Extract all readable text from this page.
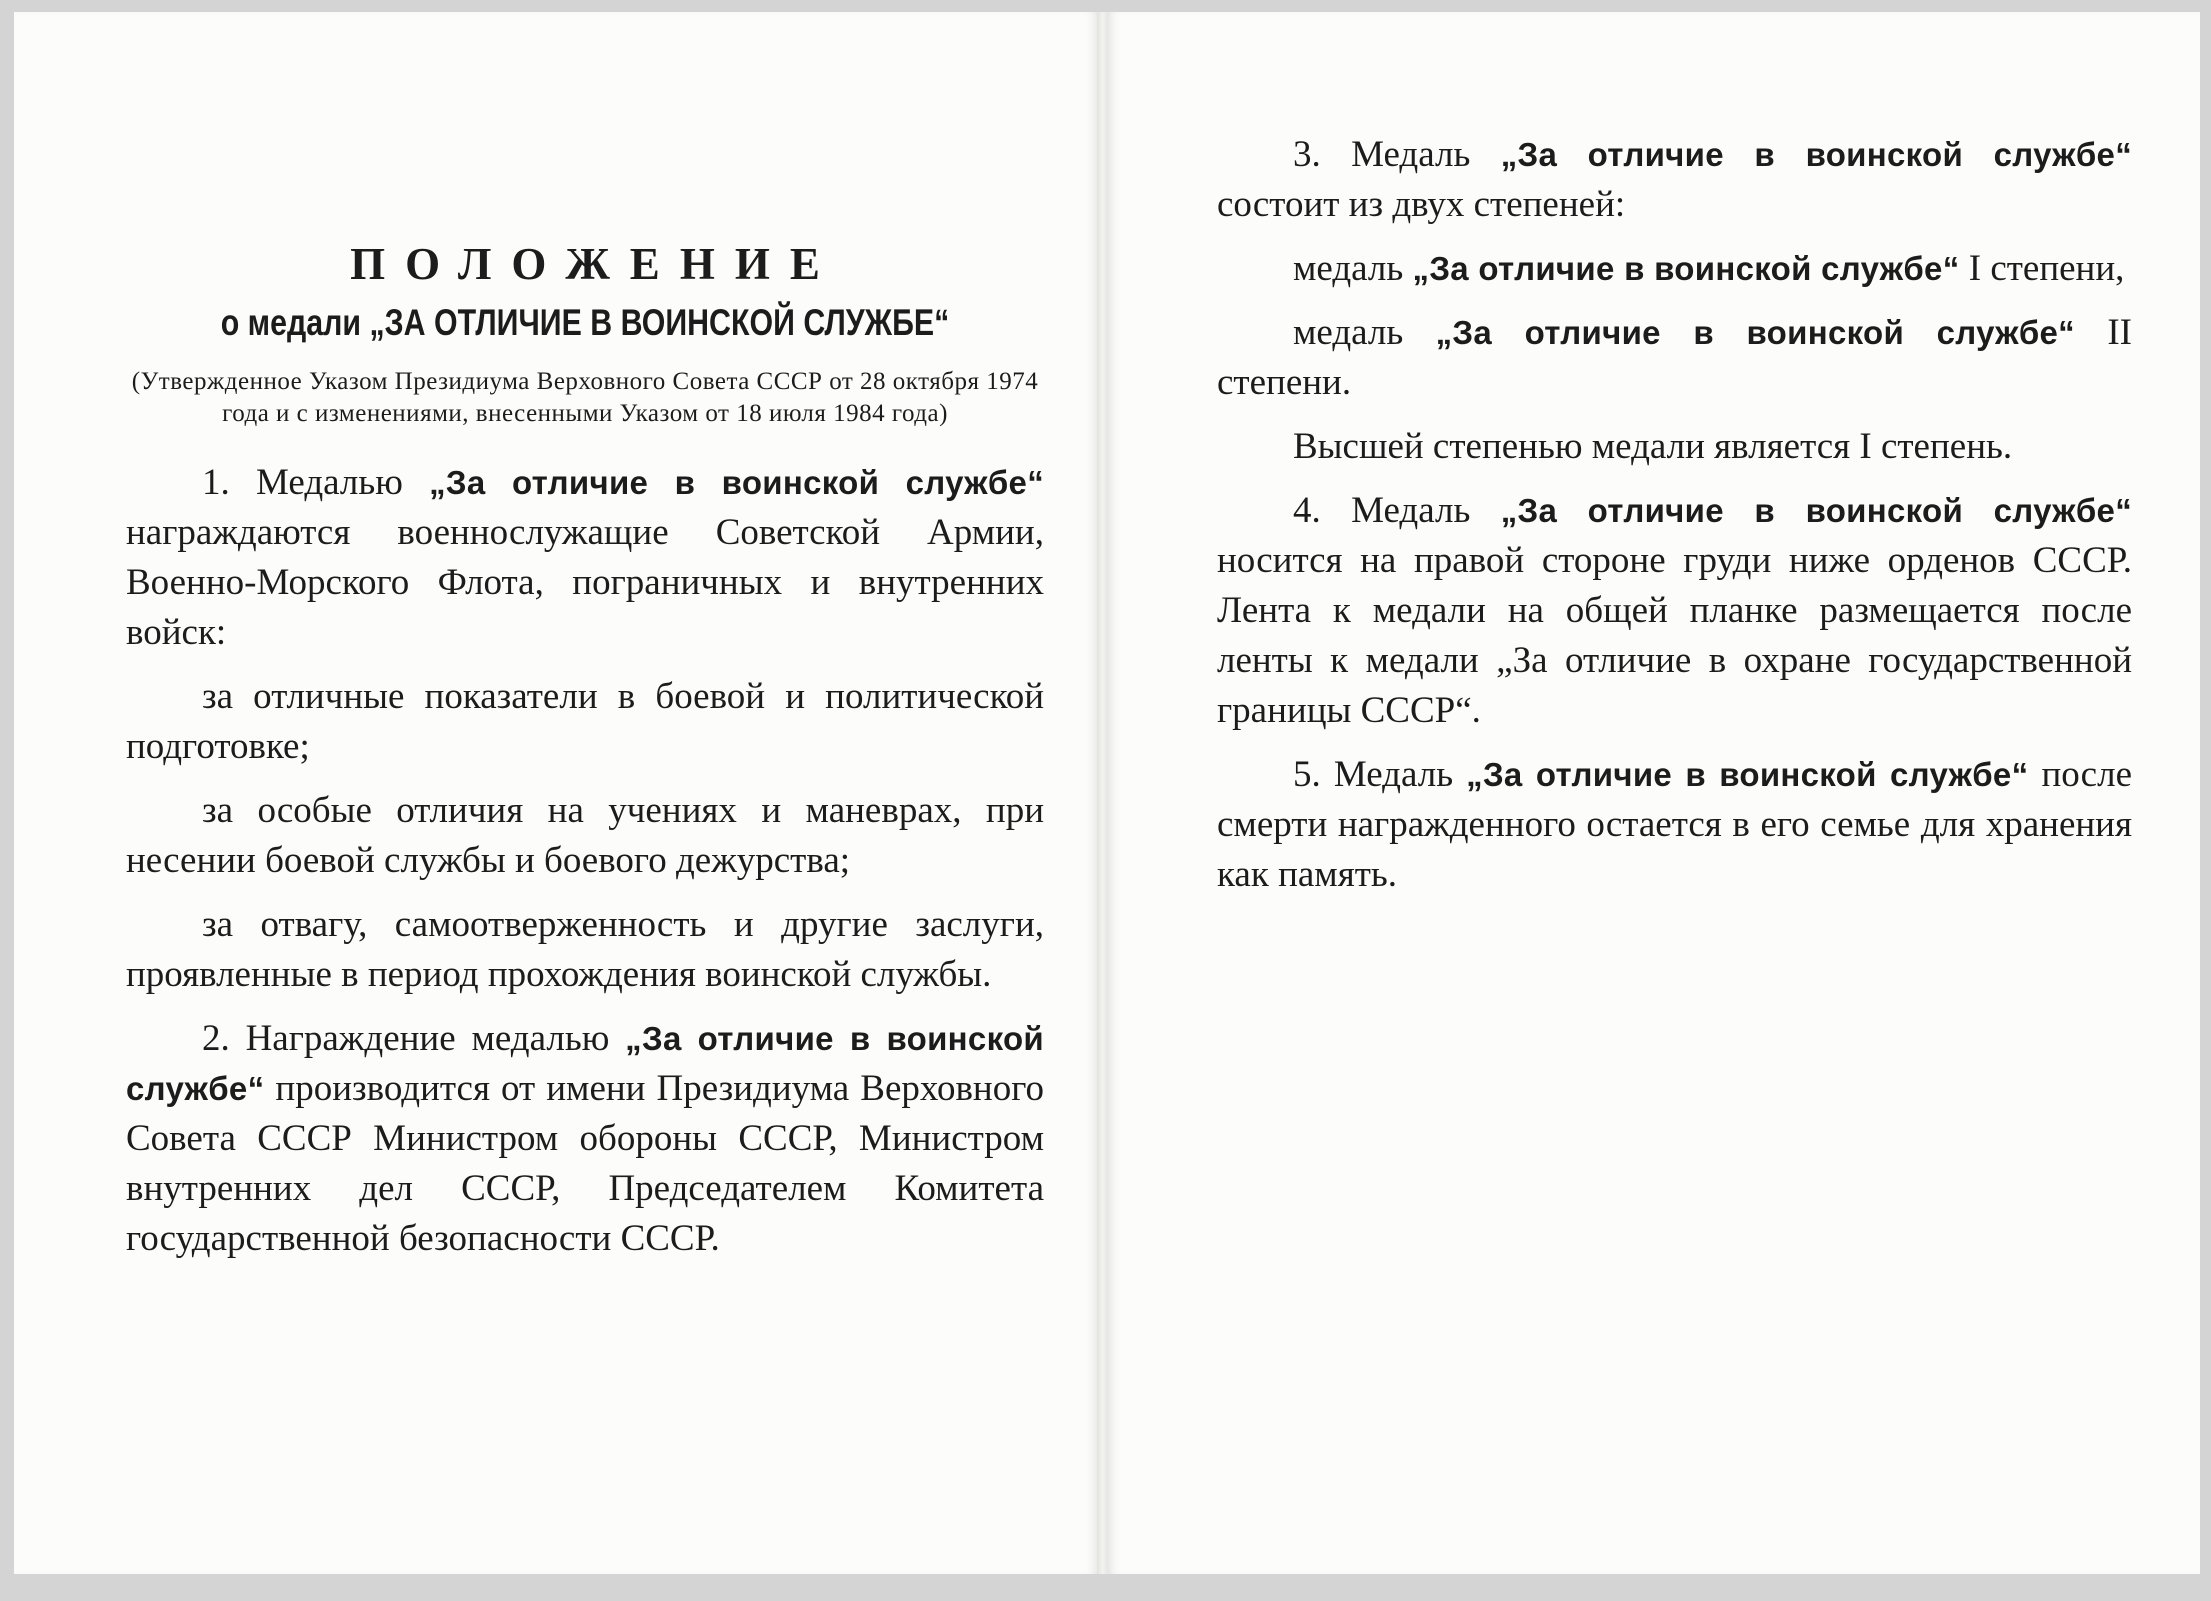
ПОЛОЖЕНИЕ
о медали „ЗА ОТЛИЧИЕ В ВОИНСКОЙ СЛУЖБЕ“
(Утвержденное Указом Президиума Верховного Совета СССР от 28 октября 1974 года и с изменениями, внесенными Указом от 18 июля 1984 года)

1. Медалью „За отличие в воинской службе“ награждаются военнослужащие Советской Армии, Военно-Морского Флота, пограничных и внутренних войск:

за отличные показатели в боевой и политической подготовке;

за особые отличия на учениях и маневрах, при несении боевой службы и боевого дежурства;

за отвагу, самоотверженность и другие заслуги, проявленные в период прохождения воинской службы.

2. Награждение медалью „За отличие в воинской службе“ производится от имени Президиума Верховного Совета СССР Министром обороны СССР, Министром внутренних дел СССР, Председателем Комитета государственной безопасности СССР.

3. Медаль „За отличие в воинской службе“ состоит из двух степеней:

медаль „За отличие в воинской службе“ I степени,

медаль „За отличие в воинской службе“ II степени.

Высшей степенью медали является I степень.

4. Медаль „За отличие в воинской службе“ носится на правой стороне груди ниже орденов СССР. Лента к медали на общей планке размещается после ленты к медали „За отличие в охране государственной границы СССР“.

5. Медаль „За отличие в воинской службе“ после смерти награжденного остается в его семье для хранения как память.
